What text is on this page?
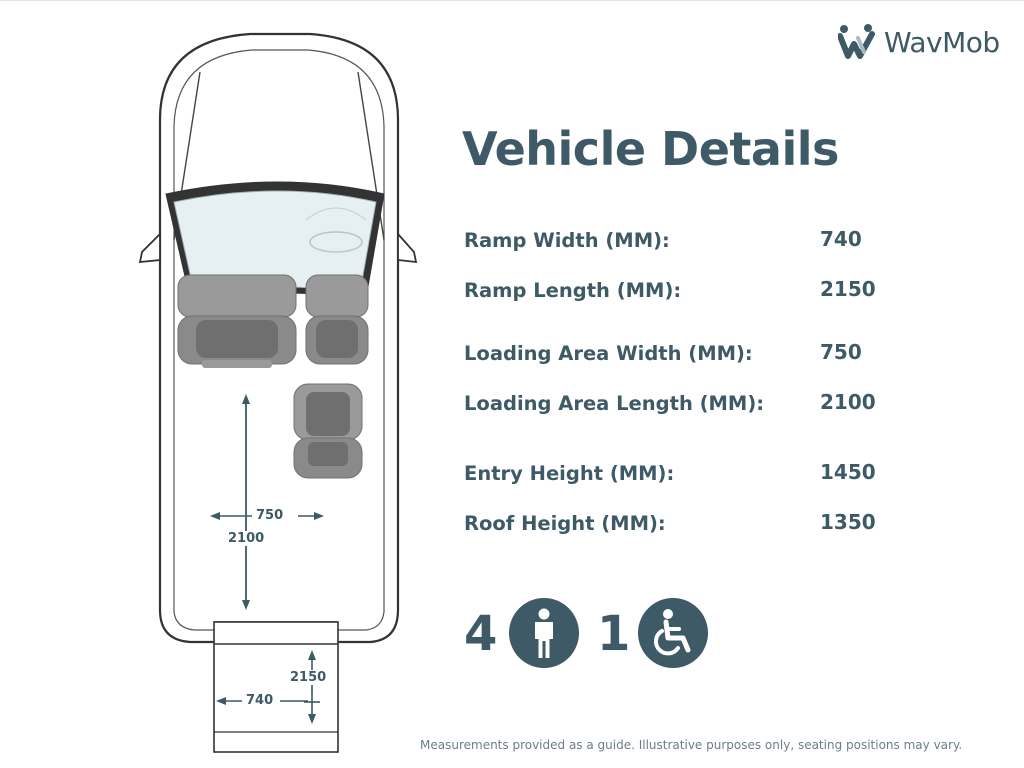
WavMob
Vehicle Details
Ramp Width (MM):	740
Ramp Length (MM):	2150
Loading Area Width (MM):	750
Loading Area Length (MM):	2100
Entry Height (MM):	1450
Roof Height (MM):	1350
4 1
Measurements provided as a guide. Illustrative purposes only, seating positions may vary.
750
2100
2150
740
